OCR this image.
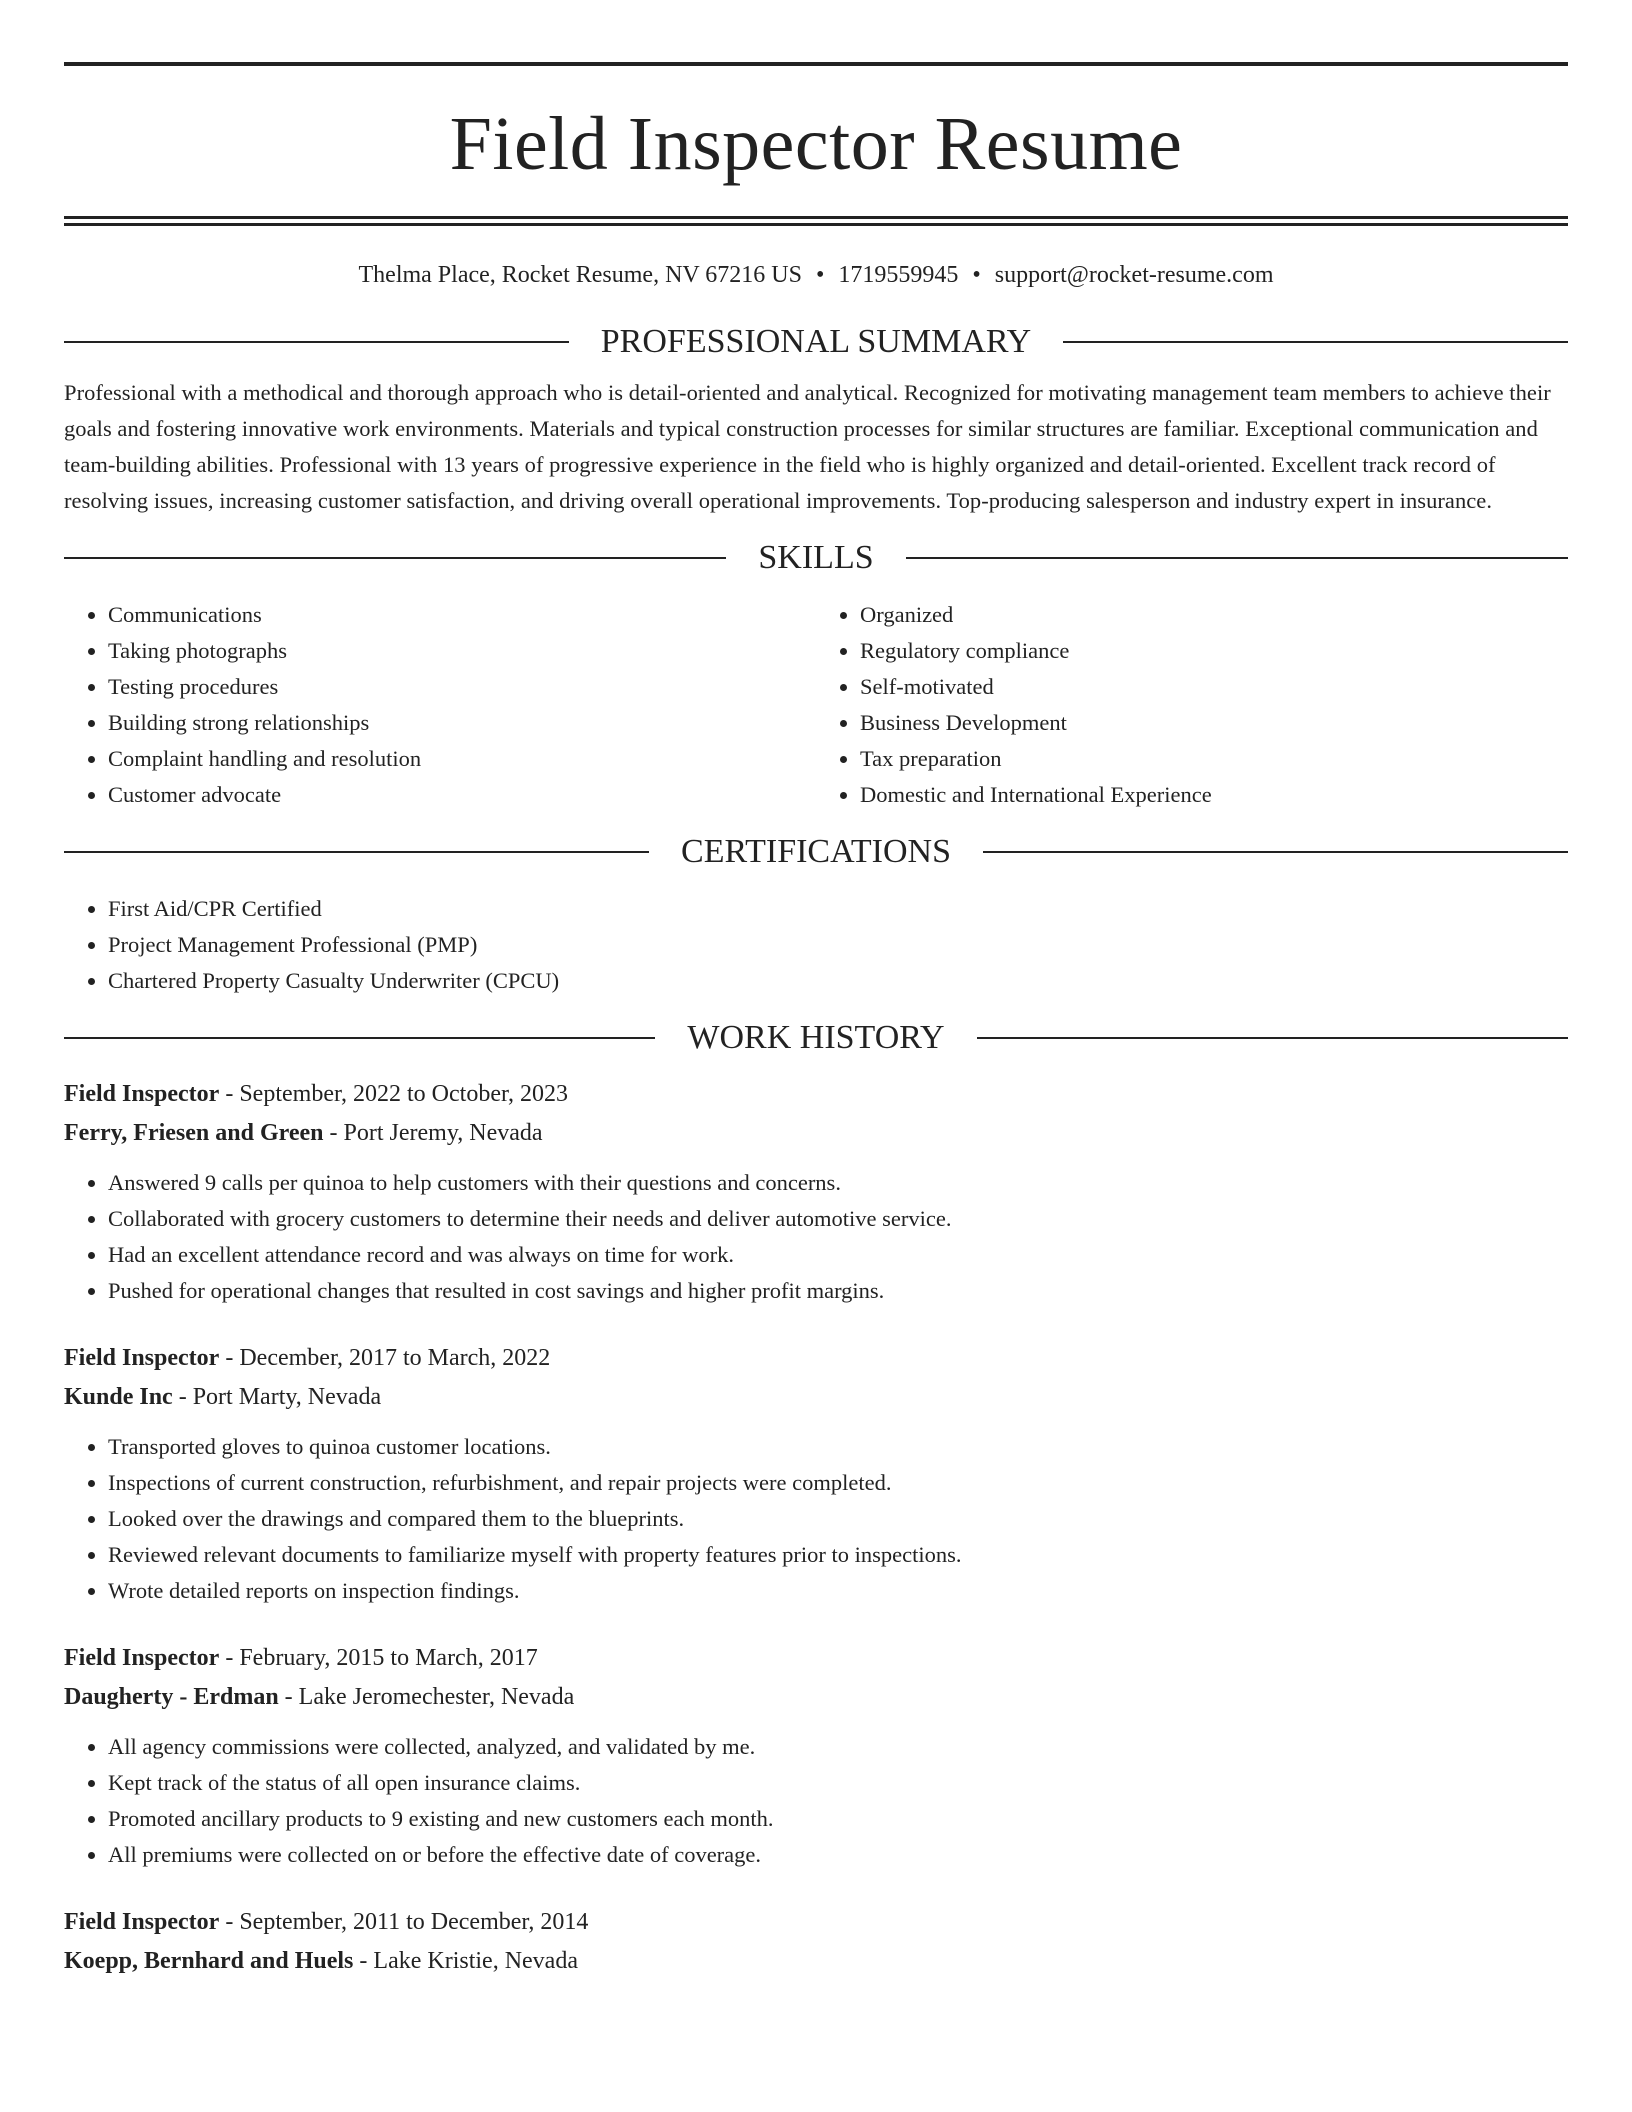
Field Inspector Resume
Thelma Place, Rocket Resume, NV 67216 US • 1719559945 • support@rocket-resume.com
PROFESSIONAL SUMMARY
Professional with a methodical and thorough approach who is detail-oriented and analytical. Recognized for motivating management team members to achieve their goals and fostering innovative work environments. Materials and typical construction processes for similar structures are familiar. Exceptional communication and team-building abilities. Professional with 13 years of progressive experience in the field who is highly organized and detail-oriented. Excellent track record of resolving issues, increasing customer satisfaction, and driving overall operational improvements. Top-producing salesperson and industry expert in insurance.
SKILLS
• Communications
• Taking photographs
• Testing procedures
• Building strong relationships
• Complaint handling and resolution
• Customer advocate
• Organized
• Regulatory compliance
• Self-motivated
• Business Development
• Tax preparation
• Domestic and International Experience
CERTIFICATIONS
• First Aid/CPR Certified
• Project Management Professional (PMP)
• Chartered Property Casualty Underwriter (CPCU)
WORK HISTORY
Field Inspector - September, 2022 to October, 2023
Ferry, Friesen and Green - Port Jeremy, Nevada
• Answered 9 calls per quinoa to help customers with their questions and concerns.
• Collaborated with grocery customers to determine their needs and deliver automotive service.
• Had an excellent attendance record and was always on time for work.
• Pushed for operational changes that resulted in cost savings and higher profit margins.
Field Inspector - December, 2017 to March, 2022
Kunde Inc - Port Marty, Nevada
• Transported gloves to quinoa customer locations.
• Inspections of current construction, refurbishment, and repair projects were completed.
• Looked over the drawings and compared them to the blueprints.
• Reviewed relevant documents to familiarize myself with property features prior to inspections.
• Wrote detailed reports on inspection findings.
Field Inspector - February, 2015 to March, 2017
Daugherty - Erdman - Lake Jeromechester, Nevada
• All agency commissions were collected, analyzed, and validated by me.
• Kept track of the status of all open insurance claims.
• Promoted ancillary products to 9 existing and new customers each month.
• All premiums were collected on or before the effective date of coverage.
Field Inspector - September, 2011 to December, 2014
Koepp, Bernhard and Huels - Lake Kristie, Nevada
